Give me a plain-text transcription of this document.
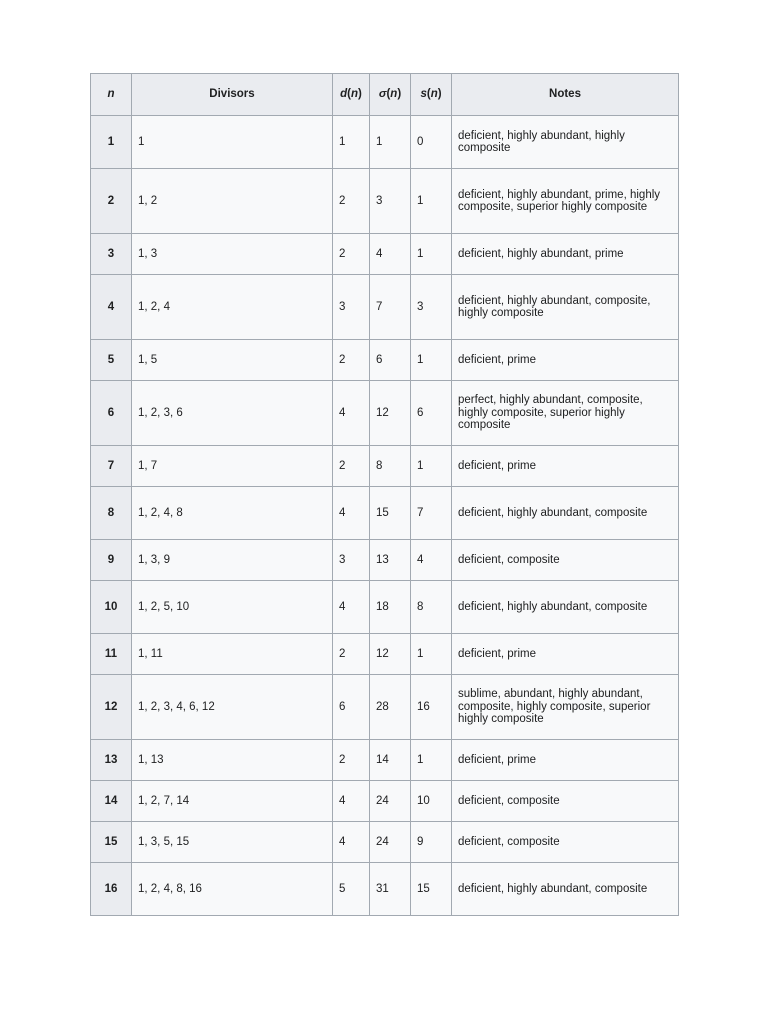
n	Divisors	d(n)	σ(n)	s(n)	Notes
1	1	1	1	0	deficient, highly abundant, highly composite
2	1, 2	2	3	1	deficient, highly abundant, prime, highly composite, superior highly composite
3	1, 3	2	4	1	deficient, highly abundant, prime
4	1, 2, 4	3	7	3	deficient, highly abundant, composite, highly composite
5	1, 5	2	6	1	deficient, prime
6	1, 2, 3, 6	4	12	6	perfect, highly abundant, composite, highly composite, superior highly composite
7	1, 7	2	8	1	deficient, prime
8	1, 2, 4, 8	4	15	7	deficient, highly abundant, composite
9	1, 3, 9	3	13	4	deficient, composite
10	1, 2, 5, 10	4	18	8	deficient, highly abundant, composite
11	1, 11	2	12	1	deficient, prime
12	1, 2, 3, 4, 6, 12	6	28	16	sublime, abundant, highly abundant, composite, highly composite, superior highly composite
13	1, 13	2	14	1	deficient, prime
14	1, 2, 7, 14	4	24	10	deficient, composite
15	1, 3, 5, 15	4	24	9	deficient, composite
16	1, 2, 4, 8, 16	5	31	15	deficient, highly abundant, composite
